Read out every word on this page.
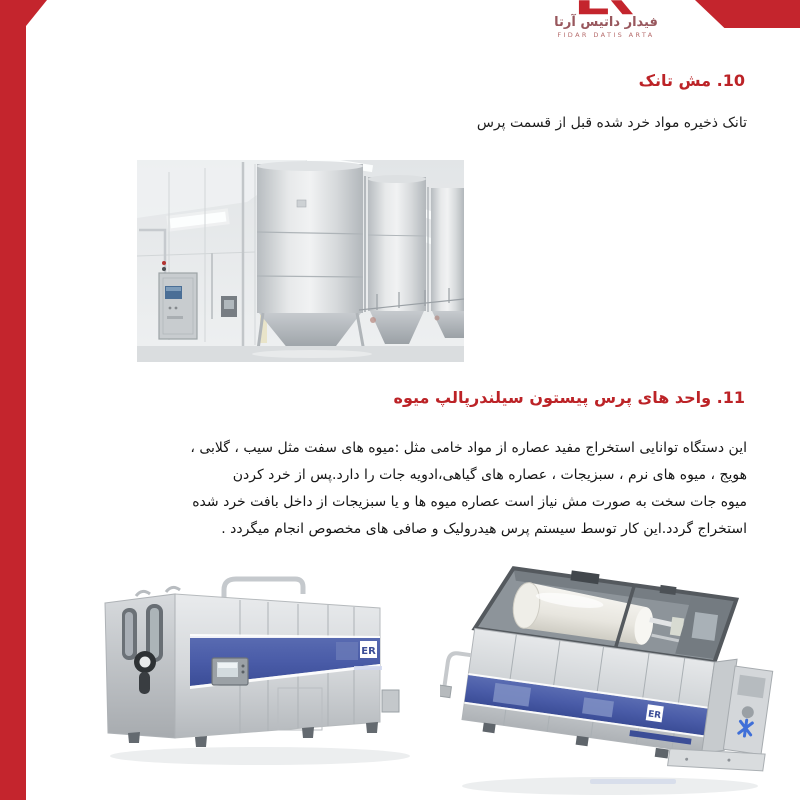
فیدار داتیس آرتا
FIDAR DATIS ARTA
10. مش تانک
تانک ذخیره مواد خرد شده قبل از قسمت پرس
11. واحد های پرس پیستون سیلندرپالپ میوه
این دستگاه توانایی استخراج مفید عصاره از مواد خامی مثل :میوه های سفت مثل سیب ، گلابی ،
هویج ، میوه های نرم ، سبزیجات ، عصاره های گیاهی،ادویه جات را دارد.پس از خرد کردن
میوه جات سخت به صورت مش نیاز است عصاره میوه ها و یا سبزیجات از داخل بافت خرد شده
استخراج گردد.این کار توسط سیستم پرس هیدرولیک و صافی های مخصوص انجام میگردد .
ER
ER
